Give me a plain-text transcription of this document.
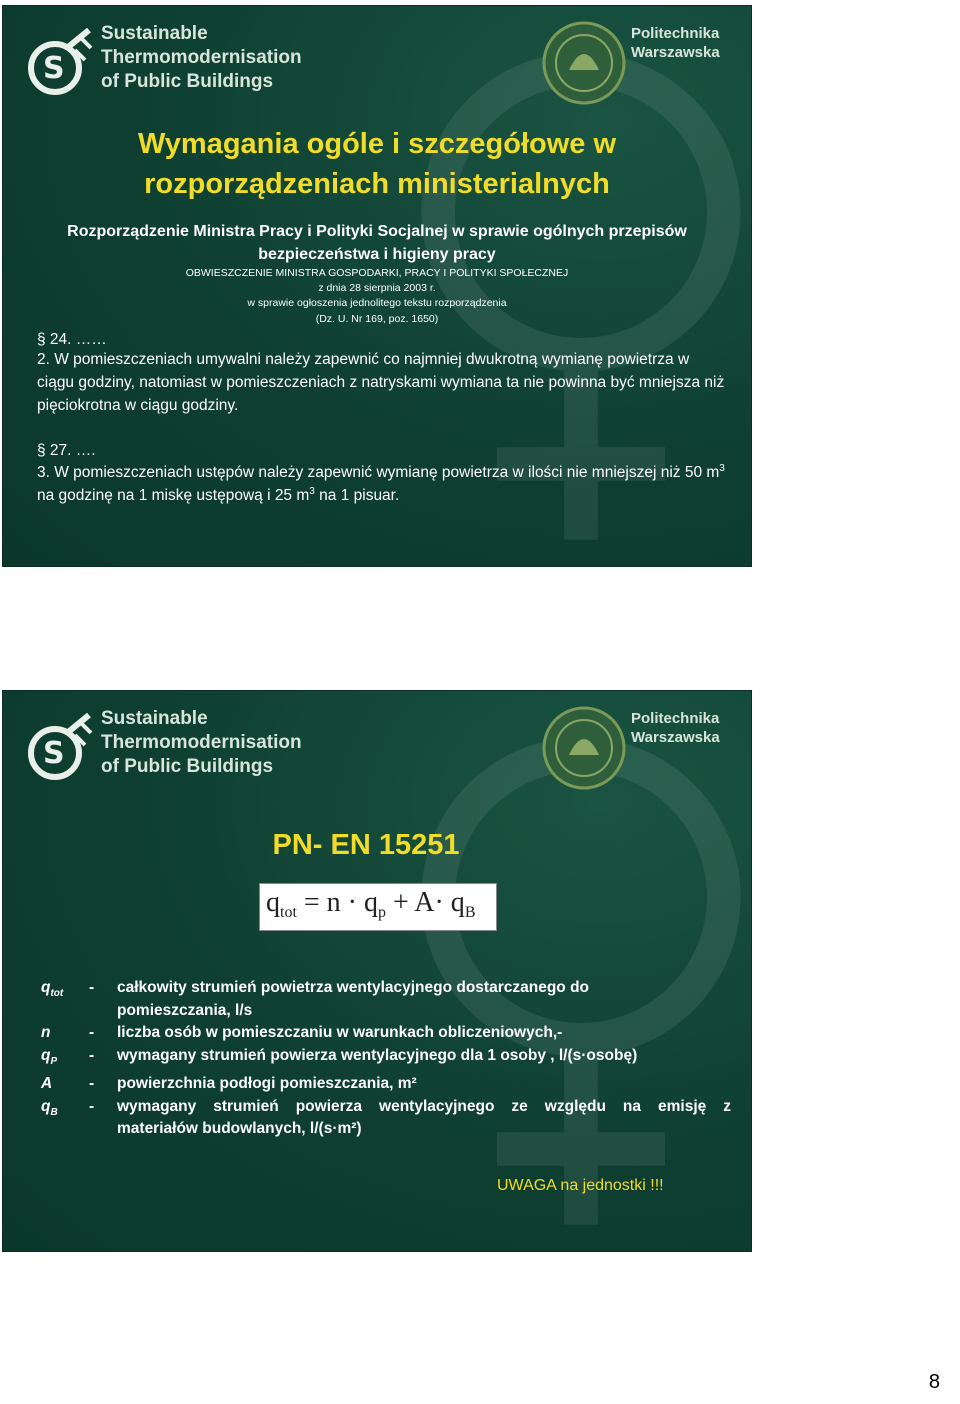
S
Sustainable
Thermomodernisation
of Public Buildings
Politechnika
Warszawska
Wymagania ogóle i szczegółowe w
rozporządzeniach ministerialnych
Rozporządzenie Ministra Pracy i Polityki Socjalnej w sprawie ogólnych przepisów
bezpieczeństwa i higieny pracy
OBWIESZCZENIE MINISTRA GOSPODARKI, PRACY I POLITYKI SPOŁECZNEJ
z dnia 28 sierpnia 2003 r.
w sprawie ogłoszenia jednolitego tekstu rozporządzenia
(Dz. U. Nr 169, poz. 1650)
§ 24. ……
2. W pomieszczeniach umywalni należy zapewnić co najmniej dwukrotną wymianę powietrza w ciągu godziny, natomiast w pomieszczeniach z natryskami wymiana ta nie powinna być mniejsza niż pięciokrotna w ciągu godziny.
§ 27. ….
3. W pomieszczeniach ustępów należy zapewnić wymianę powietrza w ilości nie mniejszej niż 50 $m^3$ na godzinę na 1 miskę ustępową i 25 $m^3$ na 1 pisuar.
S
Sustainable
Thermomodernisation
of Public Buildings
Politechnika
Warszawska
PN- EN 15251
$q_{tot} = n \cdot q_p + A\cdot q_B$
$q_{tot}$	-	całkowity strumień powietrza wentylacyjnego dostarczanego do
pomieszczania, l/s
n	-	liczba osób w pomieszczaniu w warunkach obliczeniowych,-
$q_P$	-	wymagany strumień powierza wentylacyjnego dla 1 osoby , l/(s·osobę)
A	-	powierzchnia podłogi pomieszczania, m²
$q_B$	-	wymagany strumień powierza wentylacyjnego ze względu na emisję z
materiałów budowlanych, l/(s·m²)
UWAGA na jednostki !!!
8
